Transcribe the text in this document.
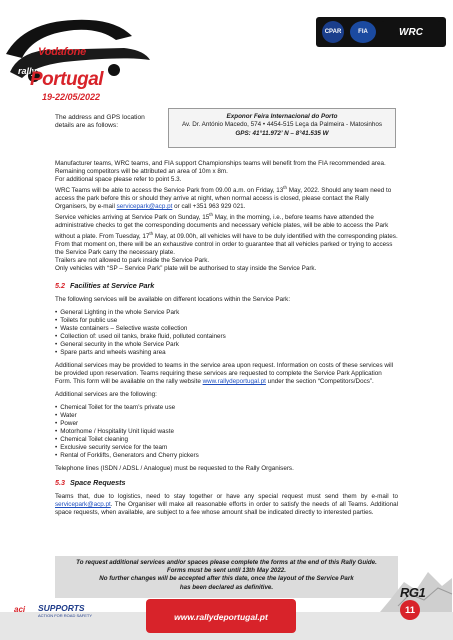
Vodafone
rally
Portugal
19-22/05/2022
CPAR	FIA	WRC
The address and GPS location details are as follows:
Exponor Feira Internacional do Porto
Av. Dr. António Macedo, 574 • 4454-515 Leça da Palmeira - Matosinhos
GPS: 41°11.972’ N – 8°41.535 W

Manufacturer teams, WRC teams, and FIA support Championships teams will benefit from the FIA recommended area. Remaining competitors will be attributed an area of 10m x 8m.

For additional space please refer to point 5.3.

WRC Teams will be able to access the Service Park from 09.00 a.m. on Friday, 13th May, 2022. Should any team need to access the park before this or should they arrive at night, when normal access is closed, please contact the Rally Organisers, by e-mail servicepark@acp.pt or call +351 963 929 021.

Service vehicles arriving at Service Park on Sunday, 15th May, in the morning, i.e., before teams have attended the administrative checks to get the corresponding documents and necessary vehicle plates, will be able to access the Park without a plate. From Tuesday, 17th May, at 09.00h, all vehicles will have to be duly identified with the corresponding plates. From that moment on, there will be an exhaustive control in order to guarantee that all vehicles parked or trying to access the Service Park carry the necessary plate.

Trailers are not allowed to park inside the Service Park.

Only vehicles with “SP – Service Park” plate will be authorised to stay inside the Service Park.

5.2 Facilities at Service Park

The following services will be available on different locations within the Service Park:

• General Lighting in the whole Service Park
• Toilets for public use
• Waste containers – Selective waste collection
• Collection of: used oil tanks, brake fluid, polluted containers
• General security in the whole Service Park
• Spare parts and wheels washing area

Additional services may be provided to teams in the service area upon request. Information on costs of these services will be provided upon reservation. Teams requiring these services are requested to complete the Service Park Application Form. This form will be available on the rally website www.rallydeportugal.pt under the section “Competitors/Docs”.

Additional services are the following:

• Chemical Toilet for the team’s private use
• Water
• Power
• Motorhome / Hospitality Unit liquid waste
• Chemical Toilet cleaning
• Exclusive security service for the team
• Rental of Forklifts, Generators and Cherry pickers

Telephone lines (ISDN / ADSL / Analogue) must be requested to the Rally Organisers.

5.3 Space Requests

Teams that, due to logistics, need to stay together or have any special request must send them by e-mail to servicepark@acp.pt. The Organiser will make all reasonable efforts in order to satisfy the needs of all Teams. Additional space requests, when available, are subject to a fee whose amount shall be indicated directly to interested parties.

To request additional services and/or spaces please complete the forms at the end of this Rally Guide.
Forms must be sent until 13th May 2022.
No further changes will be accepted after this date, once the layout of the Service Park
has been declared as definitive.
www.rallydeportugal.pt
aci	SUPPORTS
ACTION FOR ROAD SAFETY
RG1
11
